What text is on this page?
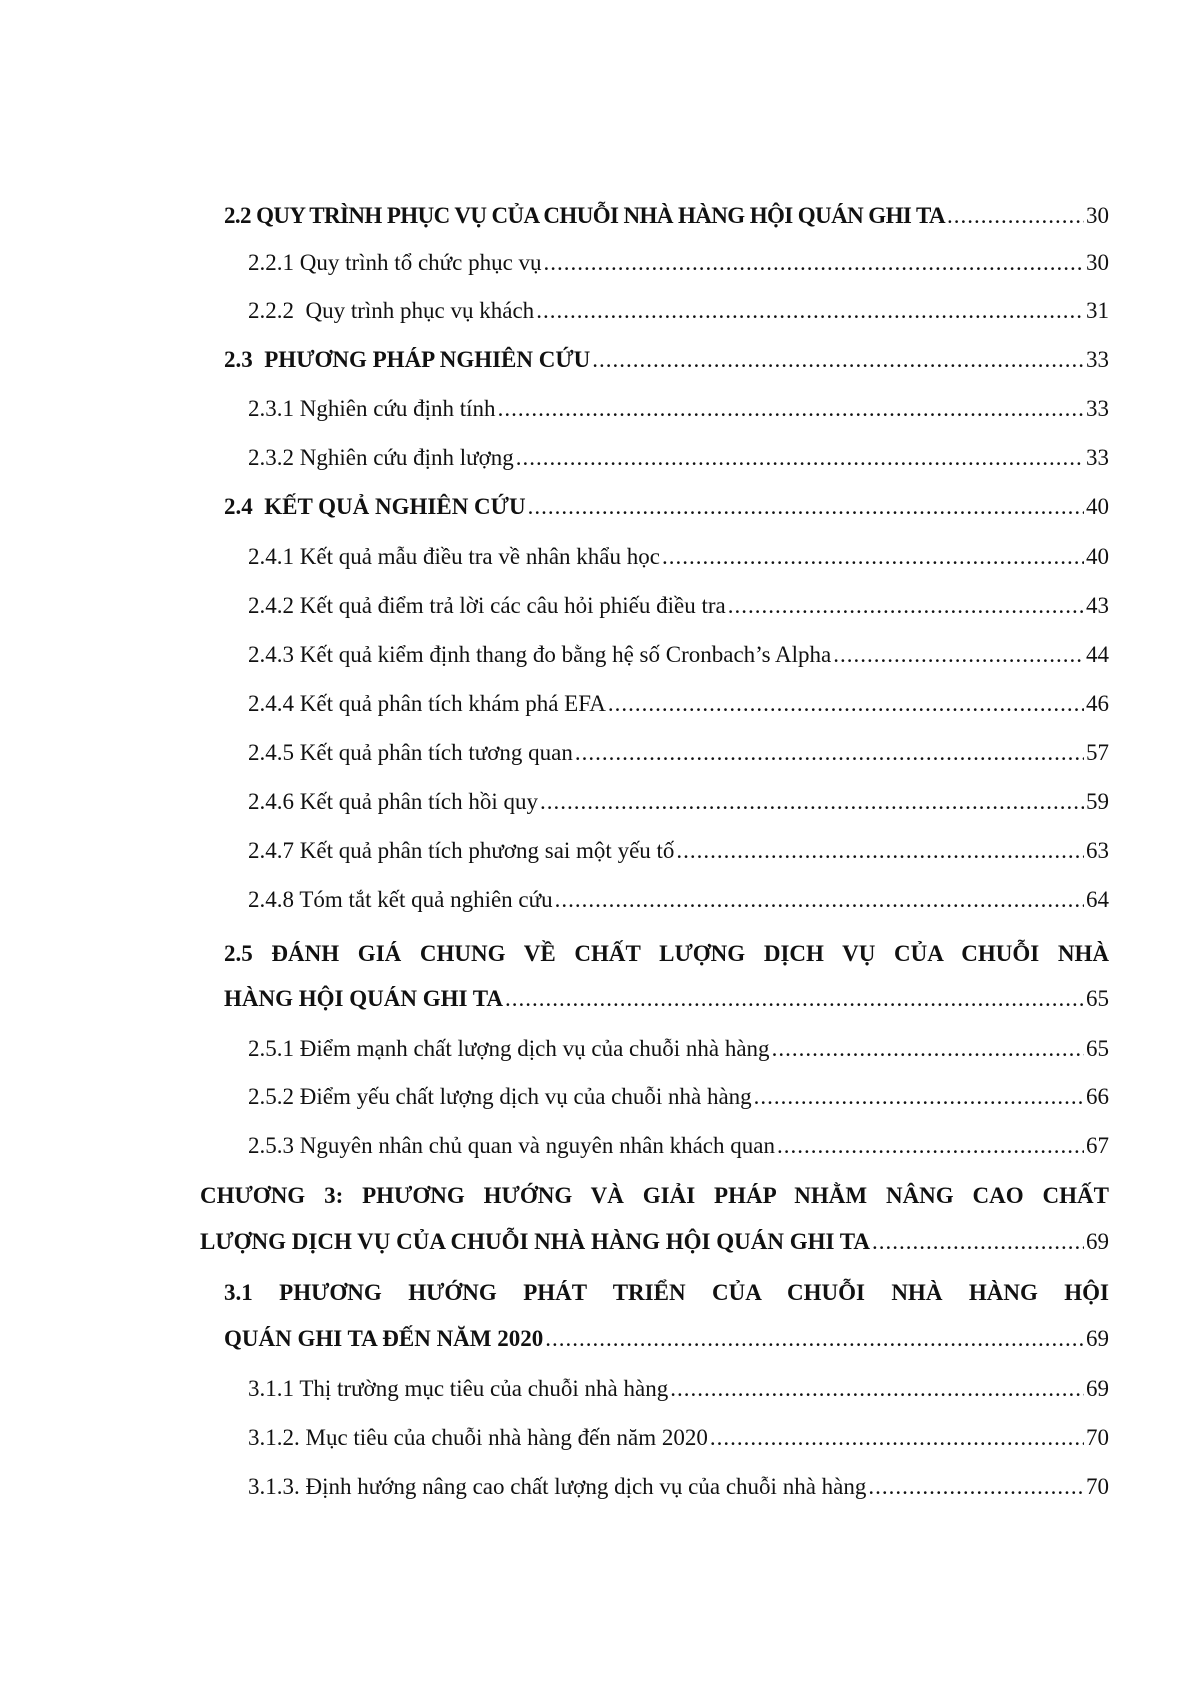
2.2 QUY TRÌNH PHỤC VỤ CỦA CHUỖI NHÀ HÀNG HỘI QUÁN GHI TA .....	30
2.2.1 Quy trình tổ chức phục vụ .....	30
2.2.2  Quy trình phục vụ khách .....	31
2.3  PHƯƠNG PHÁP NGHIÊN CỨU .....	33
2.3.1 Nghiên cứu định tính .....	33
2.3.2 Nghiên cứu định lượng .....	33
2.4  KẾT QUẢ NGHIÊN CỨU .....	40
2.4.1 Kết quả mẫu điều tra về nhân khẩu học .....	40
2.4.2 Kết quả điểm trả lời các câu hỏi phiếu điều tra .....	43
2.4.3 Kết quả kiểm định thang đo bằng hệ số Cronbach’s Alpha .....	44
2.4.4 Kết quả phân tích khám phá EFA .....	46
2.4.5 Kết quả phân tích tương quan .....	57
2.4.6 Kết quả phân tích hồi quy .....	59
2.4.7 Kết quả phân tích phương sai một yếu tố .....	63
2.4.8 Tóm tắt kết quả nghiên cứu .....	64
2.5 ĐÁNH GIÁ CHUNG VỀ CHẤT LƯỢNG DỊCH VỤ CỦA CHUỖI NHÀ
HÀNG HỘI QUÁN GHI TA .....	65
2.5.1 Điểm mạnh chất lượng dịch vụ của chuỗi nhà hàng .....	65
2.5.2 Điểm yếu chất lượng dịch vụ của chuỗi nhà hàng .....	66
2.5.3 Nguyên nhân chủ quan và nguyên nhân khách quan .....	67
CHƯƠNG 3: PHƯƠNG HƯỚNG VÀ GIẢI PHÁP NHẰM NÂNG CAO CHẤT
LƯỢNG DỊCH VỤ CỦA CHUỖI NHÀ HÀNG HỘI QUÁN GHI TA .....	69
3.1 PHƯƠNG HƯỚNG PHÁT TRIỂN CỦA CHUỖI NHÀ HÀNG HỘI
QUÁN GHI TA ĐẾN NĂM 2020 .....	69
3.1.1 Thị trường mục tiêu của chuỗi nhà hàng .....	69
3.1.2. Mục tiêu của chuỗi nhà hàng đến năm 2020 .....	70
3.1.3. Định hướng nâng cao chất lượng dịch vụ của chuỗi nhà hàng .....	70
